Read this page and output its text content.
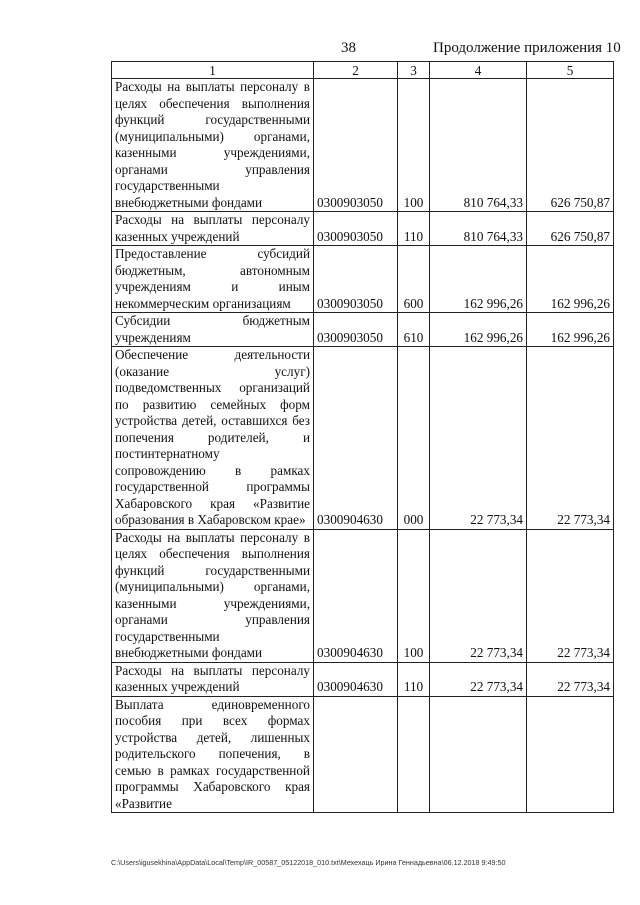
38	Продолжение приложения 10
1	2	3	4	5
Расходы на выплаты персоналу в целях обеспечения выполнения функций государственными (муниципальными) органами, казенными учреждениями, органами управления государственными внебюджетными фондами	0300903050	100	810 764,33	626 750,87
Расходы на выплаты персоналу казенных учреждений	0300903050	110	810 764,33	626 750,87
Предоставление субсидий бюджетным, автономным учреждениям и иным некоммерческим организациям	0300903050	600	162 996,26	162 996,26
Субсидии бюджетным учреждениям	0300903050	610	162 996,26	162 996,26
Обеспечение деятельности (оказание услуг) подведомственных организаций по развитию семейных форм устройства детей, оставшихся без попечения родителей, и постинтернатному сопровождению в рамках государственной программы Хабаровского края «Развитие образования в Хабаровском крае»	0300904630	000	22 773,34	22 773,34
Расходы на выплаты персоналу в целях обеспечения выполнения функций государственными (муниципальными) органами, казенными учреждениями, органами управления государственными внебюджетными фондами	0300904630	100	22 773,34	22 773,34
Расходы на выплаты персоналу казенных учреждений	0300904630	110	22 773,34	22 773,34
Выплата единовременного пособия при всех формах устройства детей, лишенных родительского попечения, в семью в рамках государственной программы Хабаровского края «Развитие				
C:\Users\igusekhina\AppData\Local\Temp\IR_00587_05122018_010.txt\Мехехаць Ирина Геннадьевна\06.12.2018 9:49:50
